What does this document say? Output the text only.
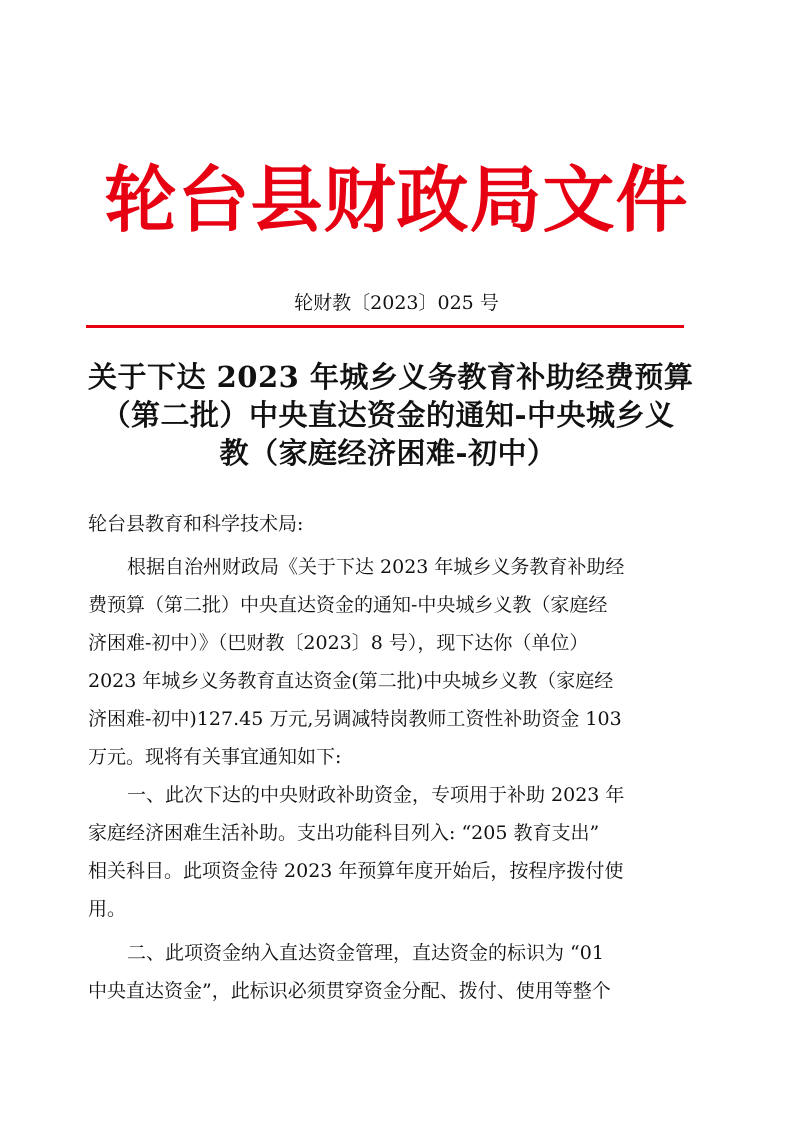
轮台县财政局文件
轮财教〔2023〕025 号
关于下达 2023 年城乡义务教育补助经费预算
（第二批）中央直达资金的通知-中央城乡义
教（家庭经济困难-初中）
轮台县教育和科学技术局:
根据自治州财政局《关于下达 2023 年城乡义务教育补助经
费预算（第二批）中央直达资金的通知-中央城乡义教（家庭经
济困难-初中）》（巴财教〔2023〕8 号），现下达你（单位）
2023 年城乡义务教育直达资金(第二批)中央城乡义教（家庭经
济困难-初中)127.45 万元,另调减特岗教师工资性补助资金 103
万元。现将有关事宜通知如下:
一、此次下达的中央财政补助资金，专项用于补助 2023 年
家庭经济困难生活补助。支出功能科目列入: “205 教育支出”
相关科目。此项资金待 2023 年预算年度开始后，按程序拨付使
用。
二、此项资金纳入直达资金管理，直达资金的标识为 “01
中央直达资金”，此标识必须贯穿资金分配、拨付、使用等整个
